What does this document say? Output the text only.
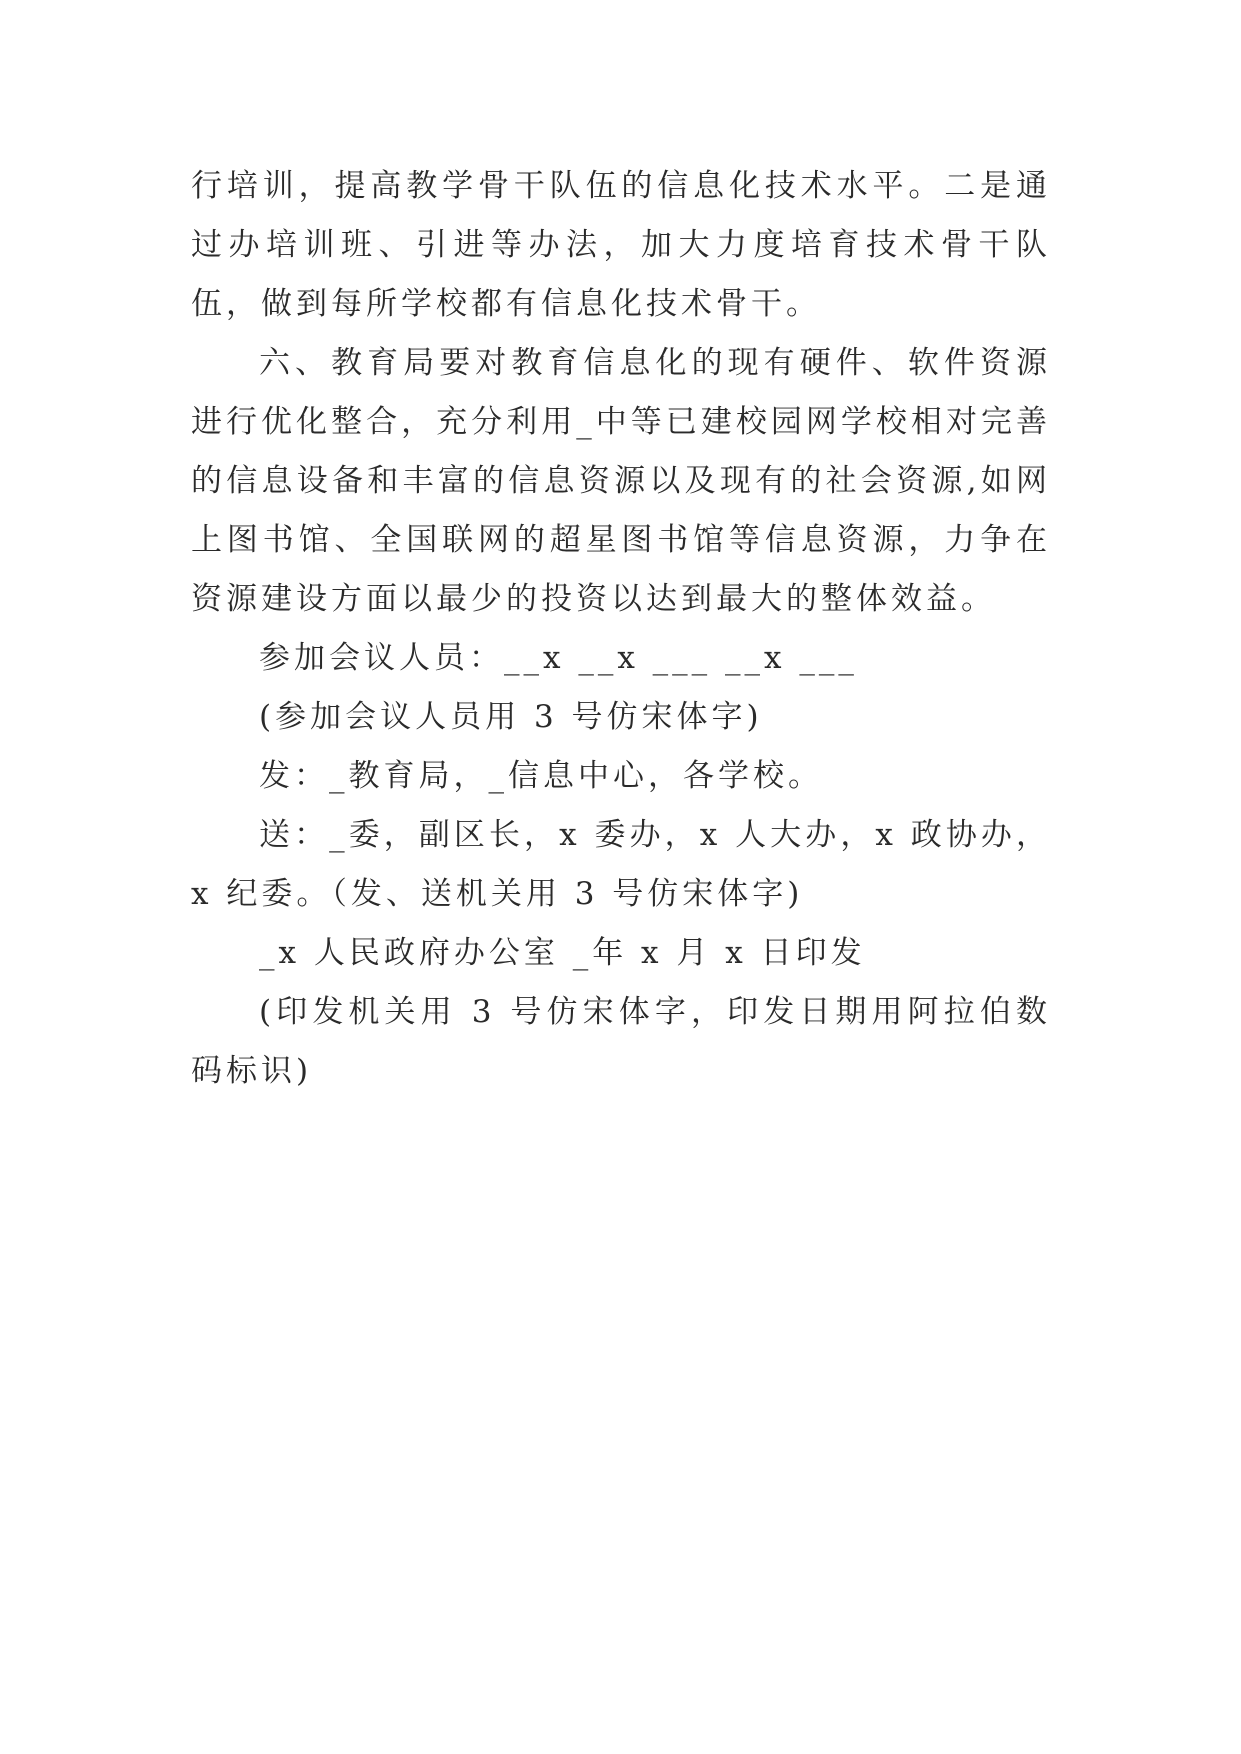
行培训，提高教学骨干队伍的信息化技术水平。二是通过办培训班、引进等办法，加大力度培育技术骨干队伍，做到每所学校都有信息化技术骨干。

六、教育局要对教育信息化的现有硬件、软件资源进行优化整合，充分利用_中等已建校园网学校相对完善的信息设备和丰富的信息资源以及现有的社会资源,如网上图书馆、全国联网的超星图书馆等信息资源，力争在资源建设方面以最少的投资以达到最大的整体效益。

参加会议人员：__x __x ___ __x ___

(参加会议人员用 3 号仿宋体字)

发：_教育局，_信息中心，各学校。

送：_委，副区长，x 委办，x 人大办，x 政协办，x 纪委。（发、送机关用 3 号仿宋体字)

_x 人民政府办公室 _年 x 月 x 日印发

(印发机关用 3 号仿宋体字，印发日期用阿拉伯数码标识)
